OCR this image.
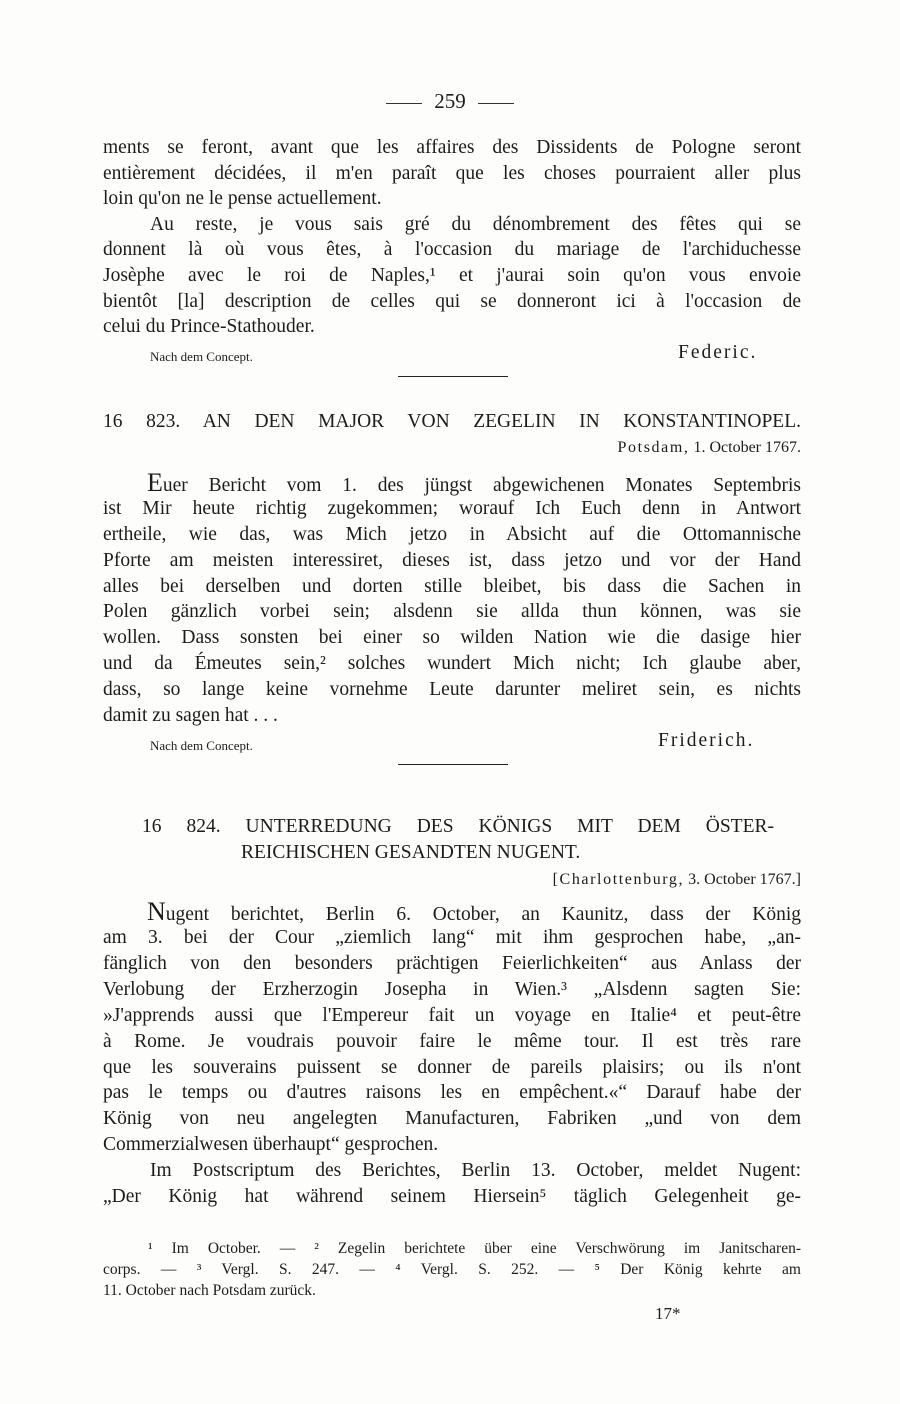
259
ments se feront, avant que les affaires des Dissidents de Pologne seront
entièrement décidées, il m'en paraît que les choses pourraient aller plus
loin qu'on ne le pense actuellement.
Au reste, je vous sais gré du dénombrement des fêtes qui se
donnent là où vous êtes, à l'occasion du mariage de l'archiduchesse
Josèphe avec le roi de Naples,¹ et j'aurai soin qu'on vous envoie
bientôt [la] description de celles qui se donneront ici à l'occasion de
celui du Prince-Stathouder.
Nach dem Concept.	Federic.
16 823. AN DEN MAJOR VON ZEGELIN IN KONSTANTINOPEL.
Potsdam, 1. October 1767.
Euer Bericht vom 1. des jüngst abgewichenen Monates Septembris
ist Mir heute richtig zugekommen; worauf Ich Euch denn in Antwort
ertheile, wie das, was Mich jetzo in Absicht auf die Ottomannische
Pforte am meisten interessiret, dieses ist, dass jetzo und vor der Hand
alles bei derselben und dorten stille bleibet, bis dass die Sachen in
Polen gänzlich vorbei sein; alsdenn sie allda thun können, was sie
wollen. Dass sonsten bei einer so wilden Nation wie die dasige hier
und da Émeutes sein,² solches wundert Mich nicht; Ich glaube aber,
dass, so lange keine vornehme Leute darunter meliret sein, es nichts
damit zu sagen hat . . .
Nach dem Concept.	Friderich.
16 824. UNTERREDUNG DES KÖNIGS MIT DEM ÖSTER-
REICHISCHEN GESANDTEN NUGENT.
[Charlottenburg, 3. October 1767.]
Nugent berichtet, Berlin 6. October, an Kaunitz, dass der König
am 3. bei der Cour „ziemlich lang“ mit ihm gesprochen habe, „an-
fänglich von den besonders prächtigen Feierlichkeiten“ aus Anlass der
Verlobung der Erzherzogin Josepha in Wien.³ „Alsdenn sagten Sie:
»J'apprends aussi que l'Empereur fait un voyage en Italie⁴ et peut-être
à Rome. Je voudrais pouvoir faire le même tour. Il est très rare
que les souverains puissent se donner de pareils plaisirs; ou ils n'ont
pas le temps ou d'autres raisons les en empêchent.«“ Darauf habe der
König von neu angelegten Manufacturen, Fabriken „und von dem
Commerzialwesen überhaupt“ gesprochen.
Im Postscriptum des Berichtes, Berlin 13. October, meldet Nugent:
„Der König hat während seinem Hiersein⁵ täglich Gelegenheit ge-
¹ Im October. — ² Zegelin berichtete über eine Verschwörung im Janitscharen-
corps. — ³ Vergl. S. 247. — ⁴ Vergl. S. 252. — ⁵ Der König kehrte am
11. October nach Potsdam zurück.
17*
